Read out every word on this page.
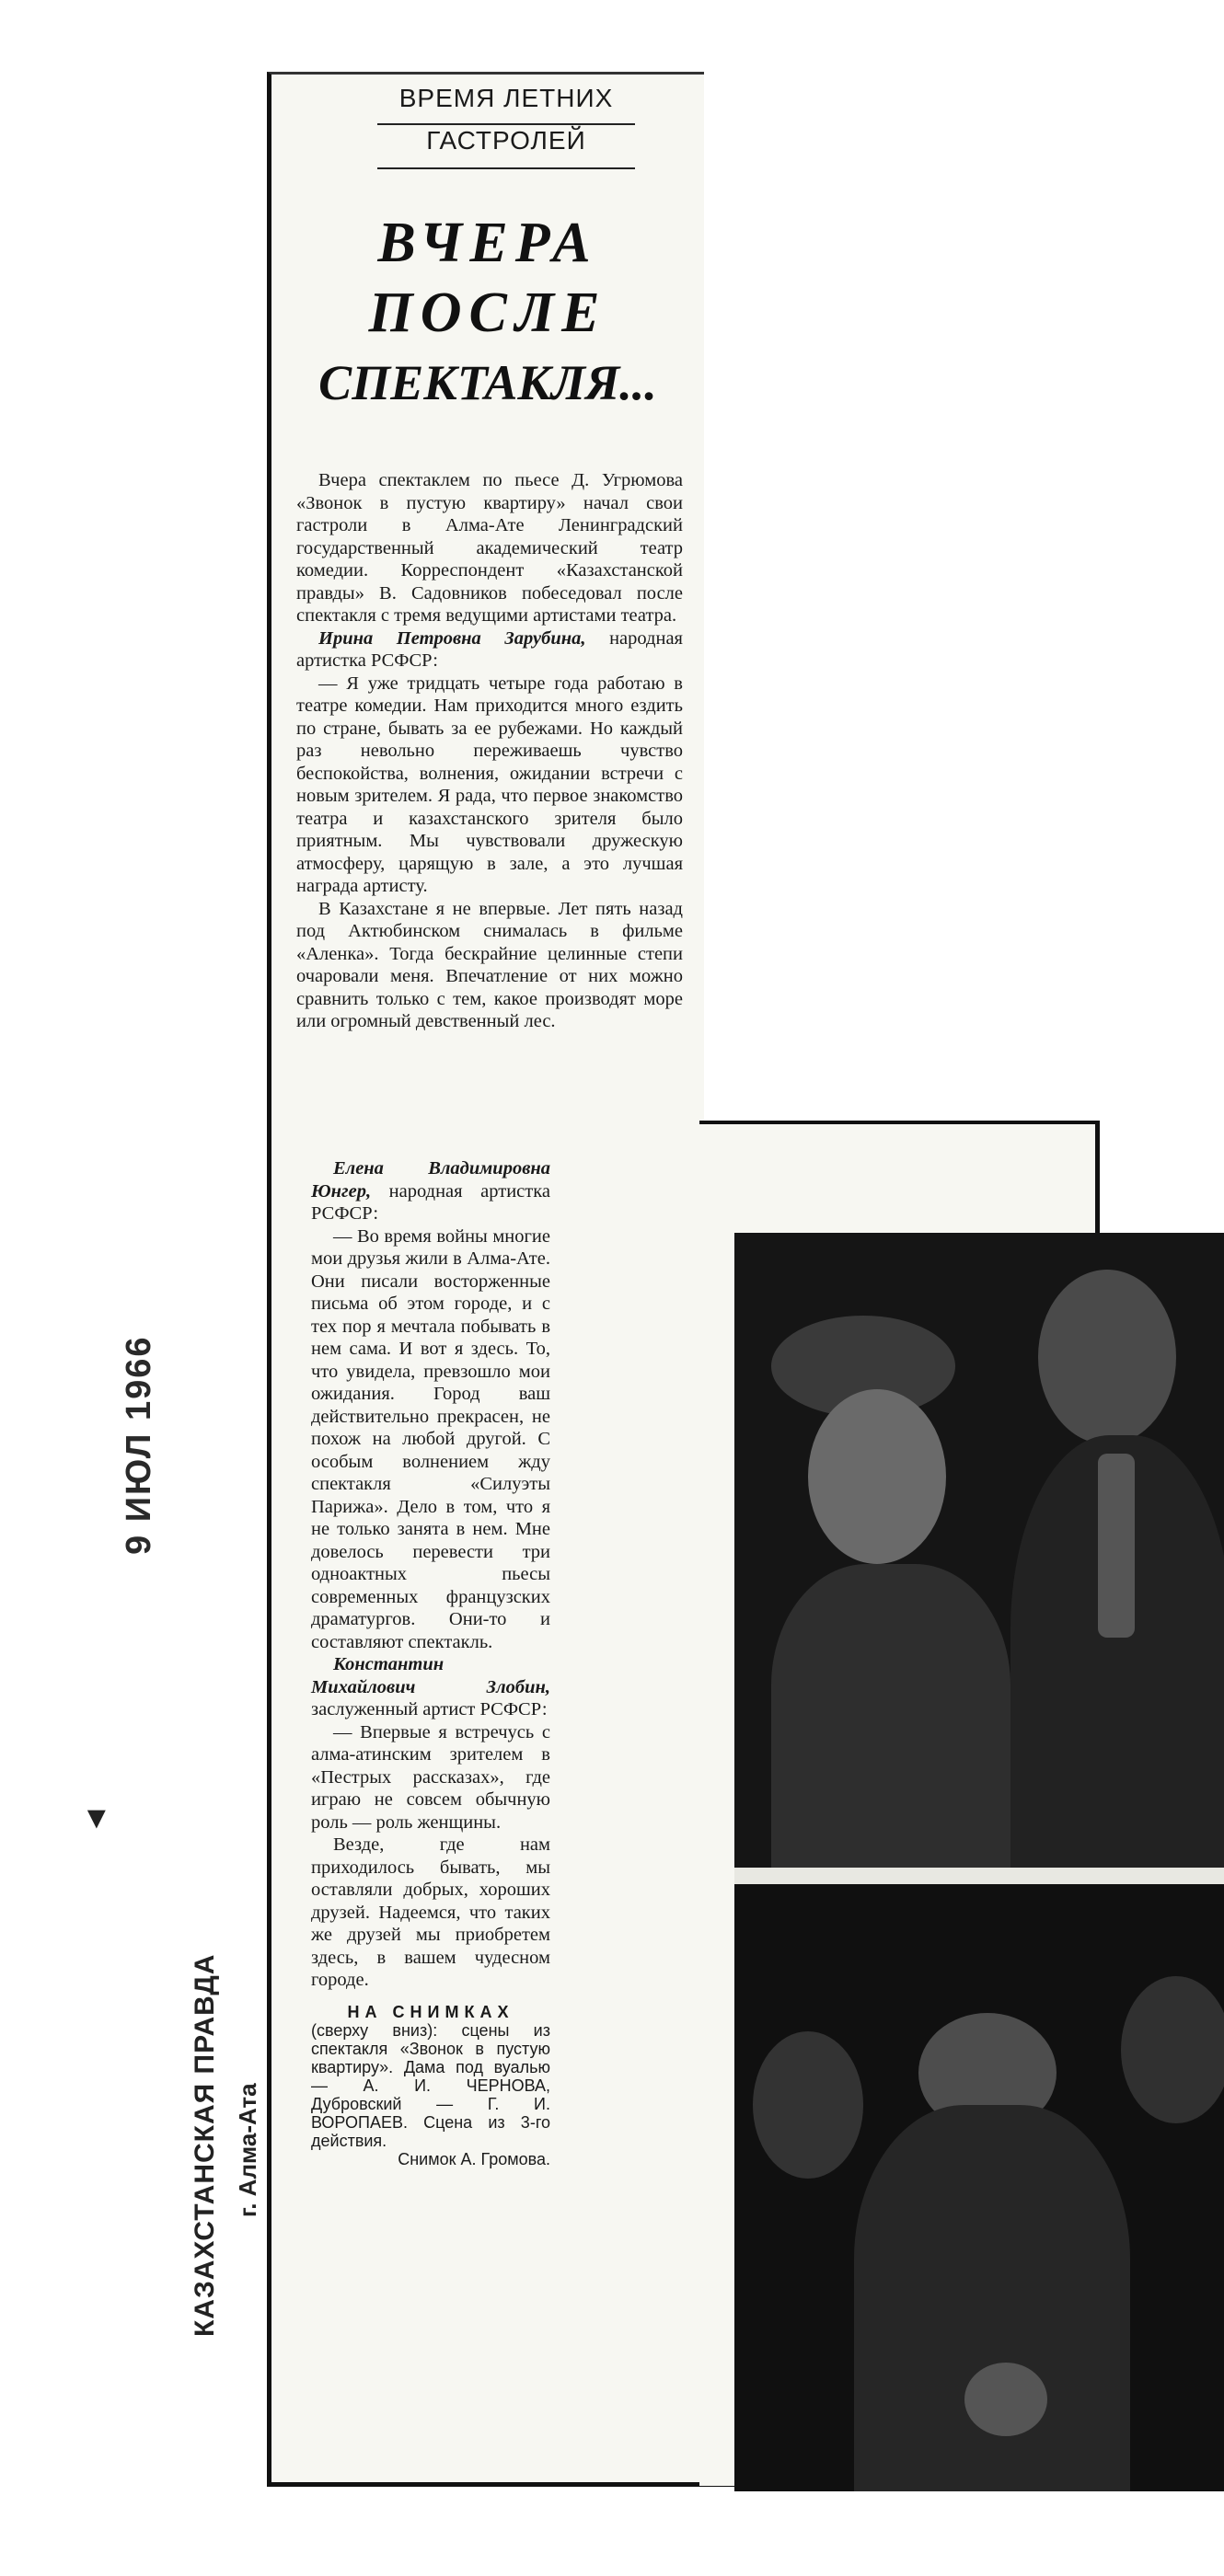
ВРЕМЯ ЛЕТНИХ
ГАСТРОЛЕЙ
ВЧЕРА
ПОСЛЕ
СПЕКТАКЛЯ...

Вчера спектаклем по пьесе Д. Угрюмова «Звонок в пустую квартиру» начал свои гастроли в Алма-Ате Ленинградский государственный академический театр комедии. Корреспондент «Казахстанской правды» В. Садовников побеседовал после спектакля с тремя ведущими артистами театра.

Ирина Петровна Зарубина, народная артистка РСФСР:

— Я уже тридцать четыре года работаю в театре комедии. Нам приходится много ездить по стране, бывать за ее рубежами. Но каждый раз невольно переживаешь чувство беспокойства, волнения, ожидании встречи с новым зрителем. Я рада, что первое знакомство театра и казахстанского зрителя было приятным. Мы чувствовали дружескую атмосферу, царящую в зале, а это лучшая награда артисту.

В Казахстане я не впервые. Лет пять назад под Актюбинском снималась в фильме «Аленка». Тогда бескрайние целинные степи очаровали меня. Впечатление от них можно сравнить только с тем, какое производят море или огромный девственный лес.

Елена Владимировна Юнгер, народная артистка РСФСР:

— Во время войны многие мои друзья жили в Алма-Ате. Они писали восторженные письма об этом городе, и с тех пор я мечтала побывать в нем сама. И вот я здесь. То, что увидела, превзошло мои ожидания. Город ваш действительно прекрасен, не похож на любой другой. С особым волнением жду спектакля «Силуэты Парижа». Дело в том, что я не только занята в нем. Мне довелось перевести три одноактных пьесы современных французских драматургов. Они-то и составляют спектакль.

Константин Михайлович Злобин, заслуженный артист РСФСР:

— Впервые я встречусь с алма-атинским зрителем в «Пестрых рассказах», где играю не совсем обычную роль — роль женщины.

Везде, где нам приходилось бывать, мы оставляли добрых, хороших друзей. Надеемся, что таких же друзей мы приобретем здесь, в вашем чудесном городе.

НА СНИМКАХ
(сверху вниз): сцены из спектакля «Звонок в пустую квартиру». Дама под вуалью — А. И. ЧЕРНОВА, Дубровский — Г. И. ВОРОПАЕВ. Сцена из 3-го действия.
Снимок А. Громова.

9 ИЮЛ 1966
▼
КАЗАХСТАНСКАЯ ПРАВДА г. Алма-Ата
